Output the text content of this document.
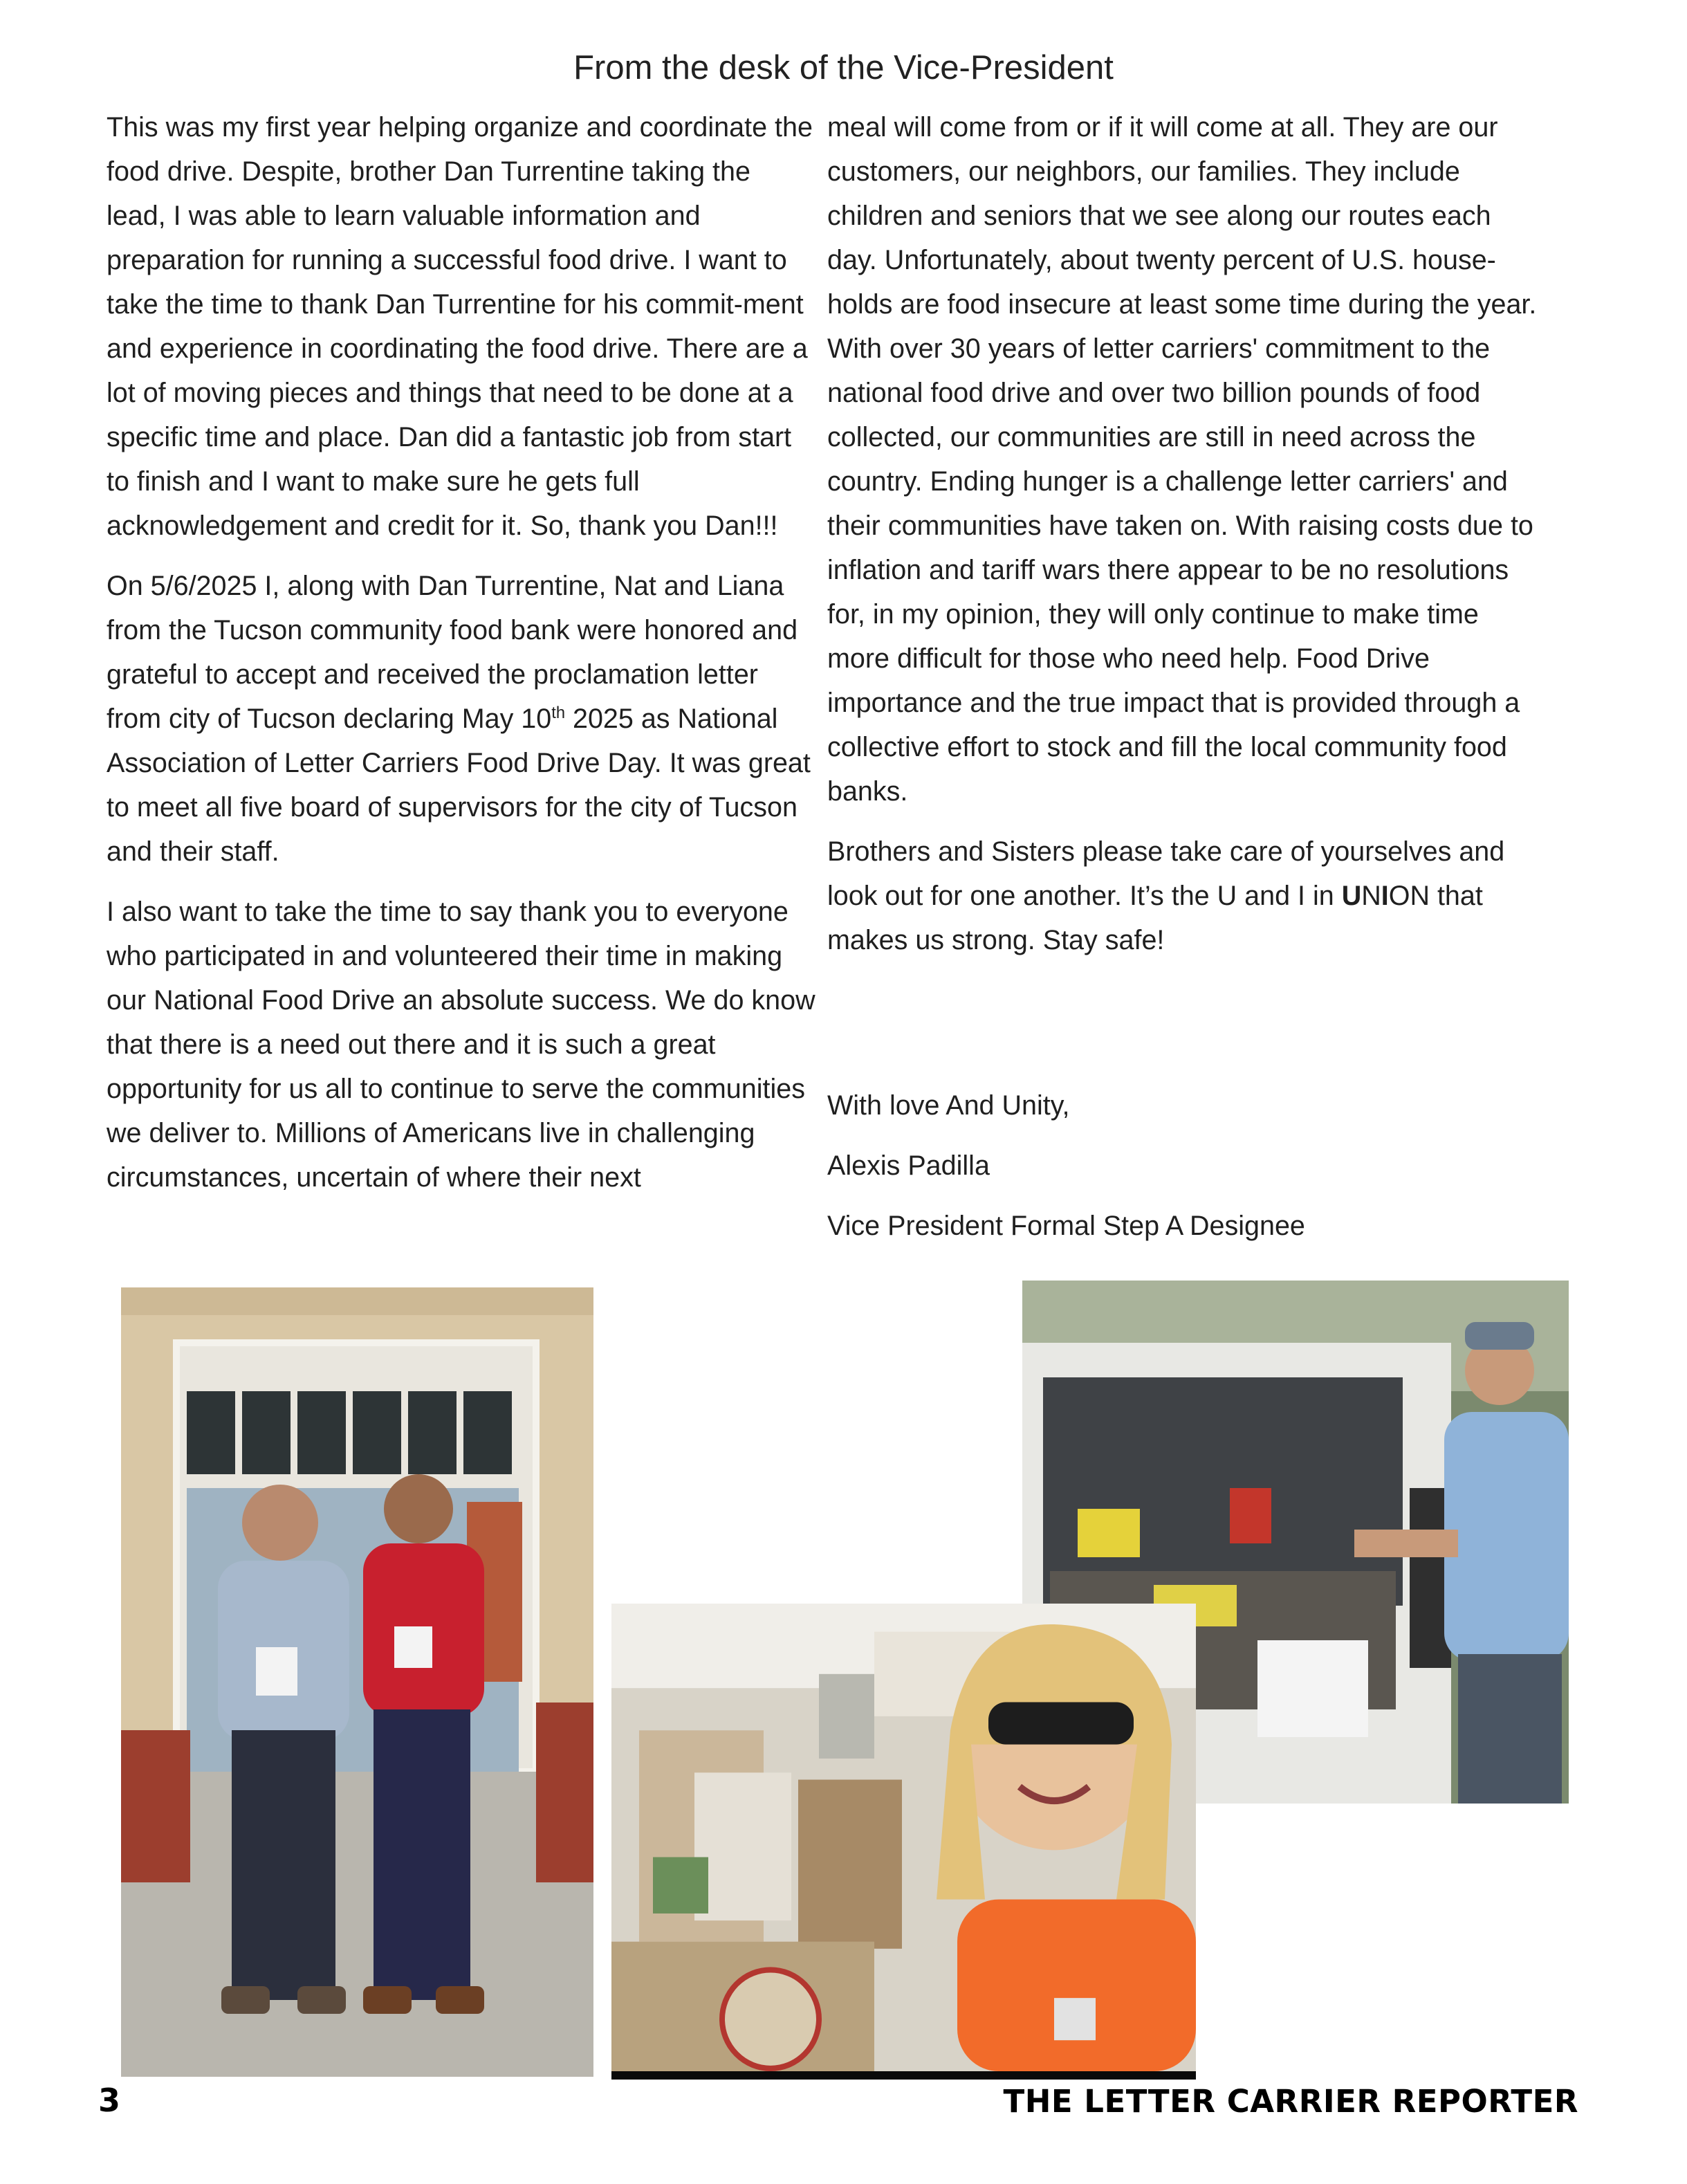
From the desk of the Vice-President

This was my first year helping organize and coordinate the food drive. Despite, brother Dan Turrentine taking the lead, I was able to learn valuable information and preparation for running a successful food drive. I want to take the time to thank Dan Turrentine for his commit-ment and experience in coordinating the food drive. There are a lot of moving pieces and things that need to be done at a specific time and place. Dan did a fantastic job from start to finish and I want to make sure he gets full acknowledgement and credit for it. So, thank you Dan!!!

On 5/6/2025 I, along with Dan Turrentine, Nat and Liana from the Tucson community food bank were honored and grateful to accept and received the proclamation letter from city of Tucson declaring May 10th 2025 as National Association of Letter Carriers Food Drive Day. It was great to meet all five board of supervisors for the city of Tucson and their staff.

I also want to take the time to say thank you to everyone who participated in and volunteered their time in making our National Food Drive an absolute success. We do know that there is a need out there and it is such a great opportunity for us all to continue to serve the communities we deliver to. Millions of Americans live in challenging circumstances, uncertain of where their next

meal will come from or if it will come at all. They are our customers, our neighbors, our families. They include children and seniors that we see along our routes each day. Unfortunately, about twenty percent of U.S. house-holds are food insecure at least some time during the year. With over 30 years of letter carriers' commitment to the national food drive and over two billion pounds of food collected, our communities are still in need across the country. Ending hunger is a challenge letter carriers' and their communities have taken on. With raising costs due to inflation and tariff wars there appear to be no resolutions for, in my opinion, they will only continue to make time more difficult for those who need help. Food Drive importance and the true impact that is provided through a collective effort to stock and fill the local community food banks.

Brothers and Sisters please take care of yourselves and look out for one another. It’s the U and I in UNION that makes us strong. Stay safe!

With love And Unity,

Alexis Padilla

Vice President Formal Step A Designee

3	THE LETTER CARRIER REPORTER
